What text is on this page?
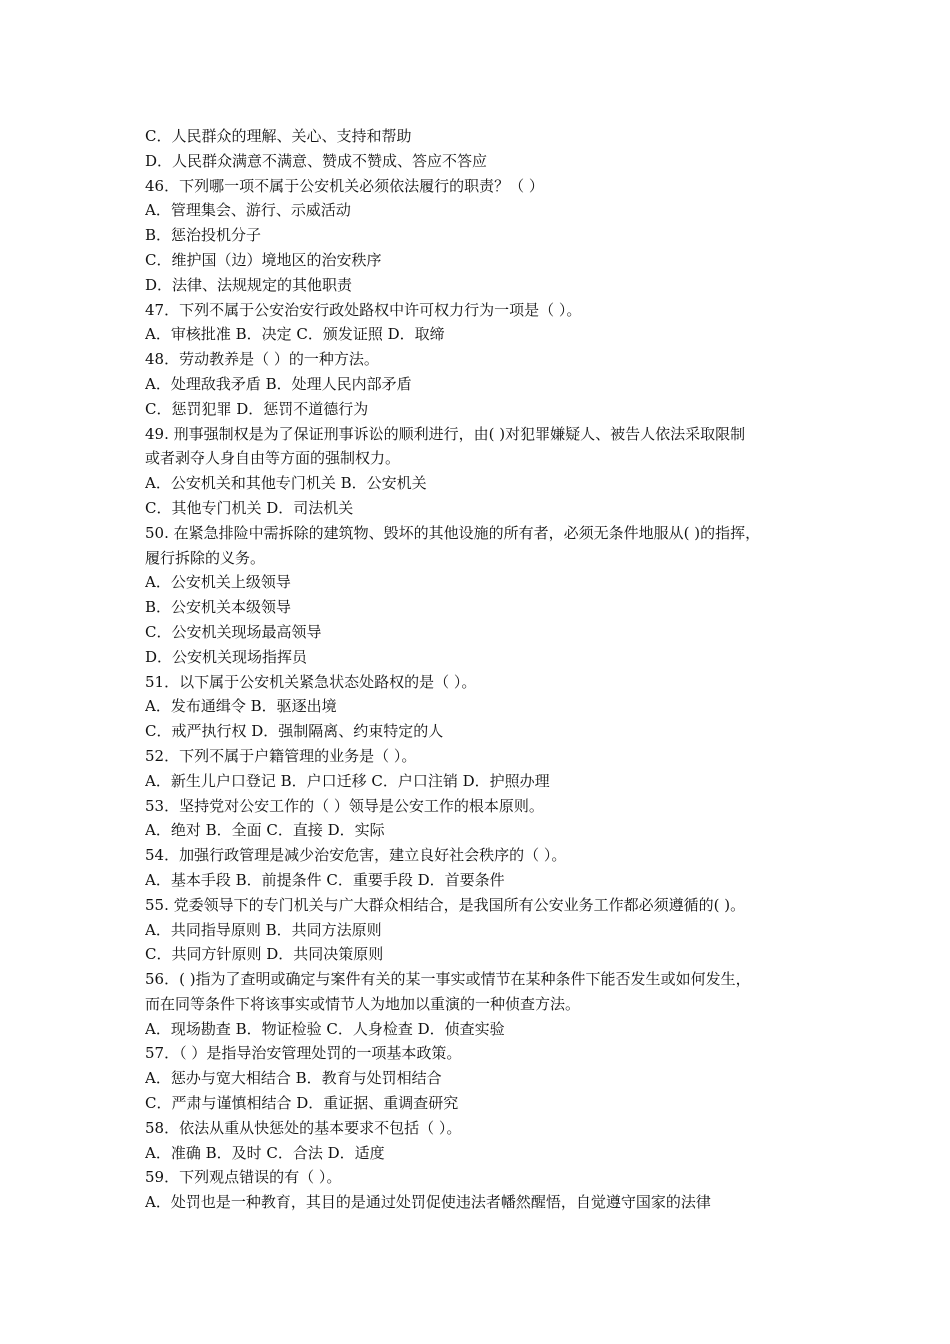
C．人民群众的理解、关心、支持和帮助
D．人民群众满意不满意、赞成不赞成、答应不答应
46．下列哪一项不属于公安机关必须依法履行的职责？（ ）
A．管理集会、游行、示威活动
B．惩治投机分子
C．维护国（边）境地区的治安秩序
D．法律、法规规定的其他职责
47．下列不属于公安治安行政处路权中许可权力行为一项是（ ）。
A．审核批准 B．决定 C．颁发证照 D．取缔
48．劳动教养是（ ）的一种方法。
A．处理敌我矛盾 B．处理人民内部矛盾
C．惩罚犯罪 D．惩罚不道德行为
49. 刑事强制权是为了保证刑事诉讼的顺利进行，由( )对犯罪嫌疑人、被告人依法采取限制
或者剥夺人身自由等方面的强制权力。
A．公安机关和其他专门机关 B．公安机关
C．其他专门机关 D．司法机关
50. 在紧急排险中需拆除的建筑物、毁坏的其他设施的所有者，必须无条件地服从( )的指挥，
履行拆除的义务。
A．公安机关上级领导
B．公安机关本级领导
C．公安机关现场最高领导
D．公安机关现场指挥员
51．以下属于公安机关紧急状态处路权的是（ ）。
A．发布通缉令 B．驱逐出境
C．戒严执行权 D．强制隔离、约束特定的人
52．下列不属于户籍管理的业务是（ ）。
A．新生儿户口登记 B．户口迁移 C．户口注销 D．护照办理
53．坚持党对公安工作的（ ）领导是公安工作的根本原则。
A．绝对 B．全面 C．直接 D．实际
54．加强行政管理是减少治安危害，建立良好社会秩序的（ ）。
A．基本手段 B．前提条件 C．重要手段 D．首要条件
55. 党委领导下的专门机关与广大群众相结合，是我国所有公安业务工作都必须遵循的( )。
A．共同指导原则 B．共同方法原则
C．共同方针原则 D．共同决策原则
56．( )指为了查明或确定与案件有关的某一事实或情节在某种条件下能否发生或如何发生，
而在同等条件下将该事实或情节人为地加以重演的一种侦查方法。
A．现场勘查 B．物证检验 C．人身检查 D．侦查实验
57．（ ）是指导治安管理处罚的一项基本政策。
A．惩办与宽大相结合 B．教育与处罚相结合
C．严肃与谨慎相结合 D．重证据、重调查研究
58．依法从重从快惩处的基本要求不包括（ ）。
A．准确 B．及时 C．合法 D．适度
59．下列观点错误的有（ ）。
A．处罚也是一种教育，其目的是通过处罚促使违法者幡然醒悟，自觉遵守国家的法律
